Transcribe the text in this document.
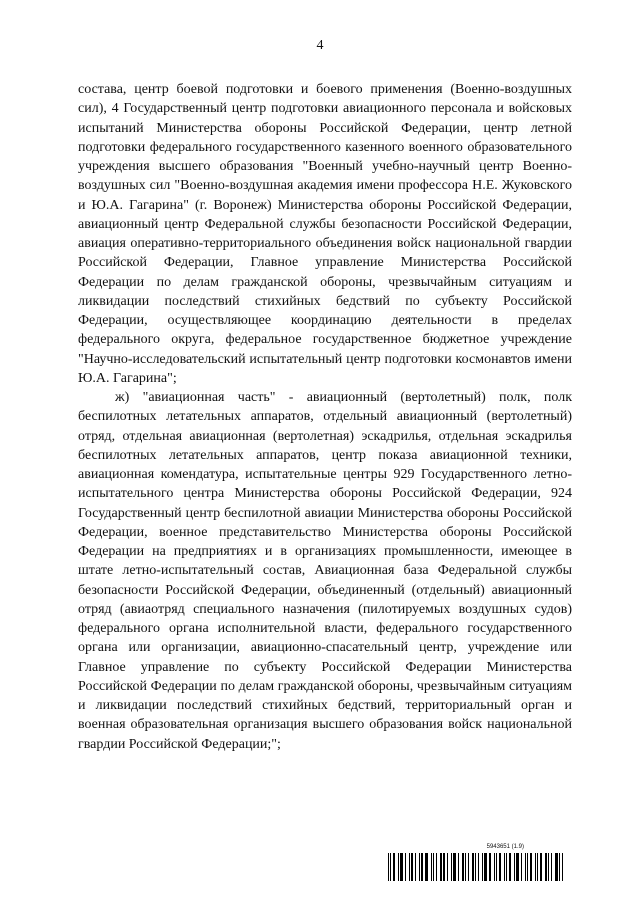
4

состава, центр боевой подготовки и боевого применения (Военно-воздушных сил), 4 Государственный центр подготовки авиационного персонала и войсковых испытаний Министерства обороны Российской Федерации, центр летной подготовки федерального государственного казенного военного образовательного учреждения высшего образования "Военный учебно-научный центр Военно-воздушных сил "Военно-воздушная академия имени профессора Н.Е. Жуковского и Ю.А. Гагарина" (г. Воронеж) Министерства обороны Российской Федерации, авиационный центр Федеральной службы безопасности Российской Федерации, авиация оперативно-территориального объединения войск национальной гвардии Российской Федерации, Главное управление Министерства Российской Федерации по делам гражданской обороны, чрезвычайным ситуациям и ликвидации последствий стихийных бедствий по субъекту Российской Федерации, осуществляющее координацию деятельности в пределах федерального округа, федеральное государственное бюджетное учреждение "Научно-исследовательский испытательный центр подготовки космонавтов имени Ю.А. Гагарина";

ж) "авиационная часть" - авиационный (вертолетный) полк, полк беспилотных летательных аппаратов, отдельный авиационный (вертолетный) отряд, отдельная авиационная (вертолетная) эскадрилья, отдельная эскадрилья беспилотных летательных аппаратов, центр показа авиационной техники, авиационная комендатура, испытательные центры 929 Государственного летно-испытательного центра Министерства обороны Российской Федерации, 924 Государственный центр беспилотной авиации Министерства обороны Российской Федерации, военное представительство Министерства обороны Российской Федерации на предприятиях и в организациях промышленности, имеющее в штате летно-испытательный состав, Авиационная база Федеральной службы безопасности Российской Федерации, объединенный (отдельный) авиационный отряд (авиаотряд специального назначения (пилотируемых воздушных судов) федерального органа исполнительной власти, федерального государственного органа или организации, авиационно-спасательный центр, учреждение или Главное управление по субъекту Российской Федерации Министерства Российской Федерации по делам гражданской обороны, чрезвычайным ситуациям и ликвидации последствий стихийных бедствий, территориальный орган и военная образовательная организация высшего образования войск национальной гвардии Российской Федерации;";

5943651 (1.9)
